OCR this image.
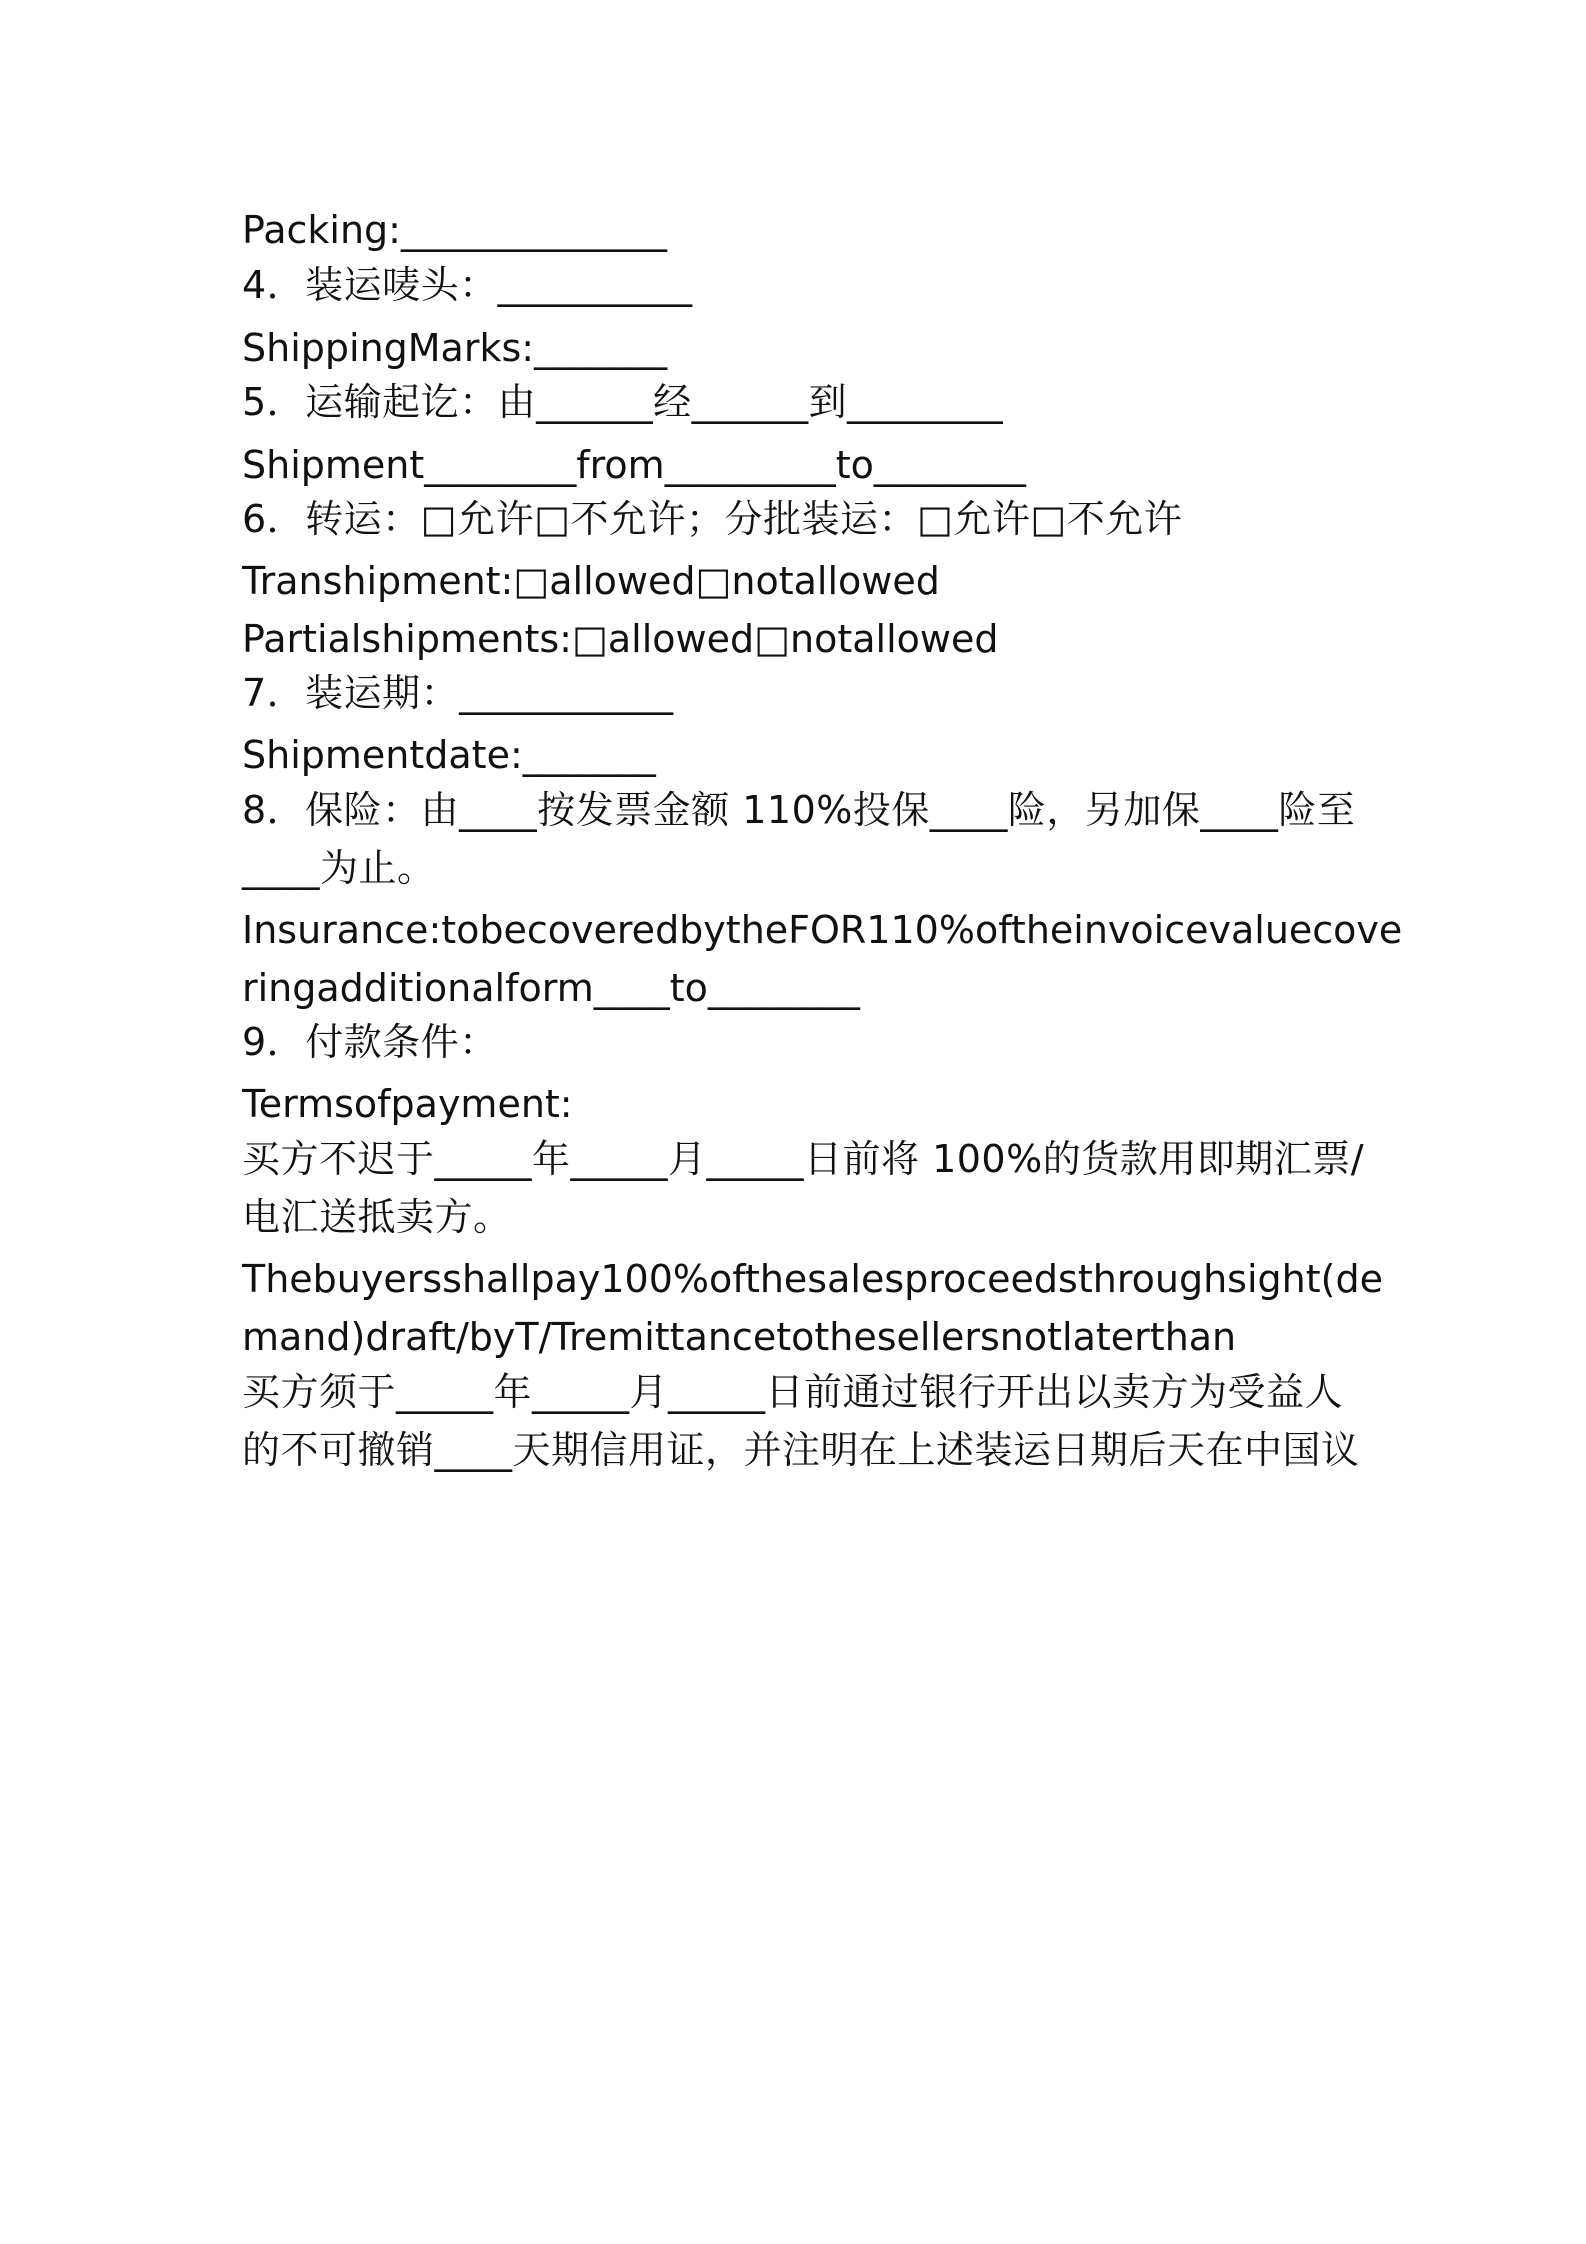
Packing:______________
4．装运唛头：__________
ShippingMarks:_______
5．运输起讫：由______经______到________
Shipment________from_________to________
6．转运：□允许□不允许；分批装运：□允许□不允许
Transhipment:□allowed□notallowed
Partialshipments:□allowed□notallowed
7．装运期：___________
Shipmentdate:_______
8．保险：由____按发票金额 110%投保____险，另加保____险至
____为止。
Insurance:tobecoveredbytheFOR110%oftheinvoicevaluecove
ringadditionalform____to________
9．付款条件：
Termsofpayment:
买方不迟于_____年_____月_____日前将 100%的货款用即期汇票/
电汇送抵卖方。
Thebuyersshallpay100%ofthesalesproceedsthroughsight(de
mand)draft/byT/Tremittancetothesellersnotlaterthan
买方须于_____年_____月_____日前通过银行开出以卖方为受益人
的不可撤销____天期信用证，并注明在上述装运日期后天在中国议
